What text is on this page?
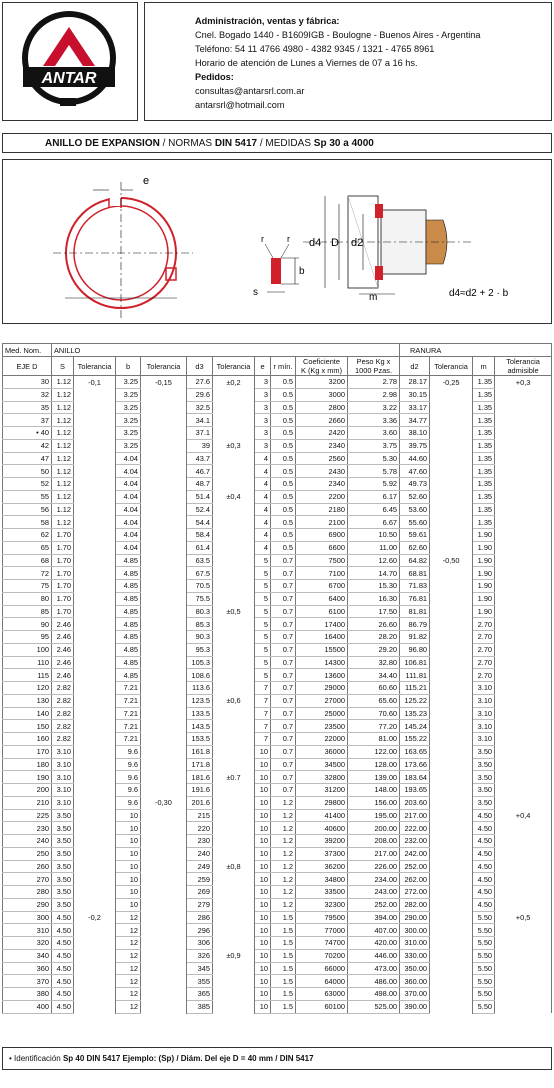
ANTAR
Administración, ventas y fábrica:
Cnel. Bogado 1440 - B1609IGB - Boulogne - Buenos Aires - Argentina
Teléfono: 54 11 4766 4980 - 4382 9345 / 1321 - 4765 8961
Horario de atención de Lunes a Viernes de 07 a 16 hs.
Pedidos:
consultas@antarsrl.com.ar
antarsrl@hotmail.com
ANILLO DE EXPANSION / NORMAS DIN 5417 / MEDIDAS Sp 30 a 4000
e
b
s
r	r d4 D d2
m	d4≈d2 + 2 · b
Med. Nom.	ANILLO										RANURA			
EJE D	S	Tolerancia	b	Tolerancia	d3	Tolerancia	e	r mín.	Coeficiente
K (Kg x mm)	Peso Kg x
1000 Pzas.	d2	Tolerancia	m	Tolerancia
admisible
30	1.12	-0,1	3.25	-0,15	27.6	±0,2	3	0.5	3200	2.78	28.17	-0,25	1.35	+0,3
32	1.12		3.25		29.6		3	0.5	3000	2.98	30.15		1.35	
35	1.12		3.25		32.5		3	0.5	2800	3.22	33.17		1.35	
37	1.12		3.25		34.1		3	0.5	2660	3.36	34.77		1.35	
• 40	1.12		3.25		37.1		3	0.5	2420	3.60	38.10		1.35	
42	1.12		3.25		39	±0,3	3	0.5	2340	3.75	39.75		1.35	
47	1.12		4.04		43.7		4	0.5	2560	5.30	44.60		1.35	
50	1.12		4.04		46.7		4	0.5	2430	5.78	47.60		1.35	
52	1.12		4.04		48.7		4	0.5	2340	5.92	49.73		1.35	
55	1.12		4.04		51.4	±0,4	4	0.5	2200	6.17	52.60		1.35	
56	1.12		4.04		52.4		4	0.5	2180	6.45	53.60		1.35	
58	1.12		4.04		54.4		4	0.5	2100	6.67	55.60		1.35	
62	1.70		4.04		58.4		4	0.5	6900	10.50	59.61		1.90	
65	1.70		4.04		61.4		4	0.5	6600	11.00	62.60		1.90	
68	1.70		4.85		63.5		5	0.7	7500	12.60	64.82	-0,50	1.90	
72	1.70		4.85		67.5		5	0.7	7100	14.70	68.81		1.90	
75	1.70		4.85		70.5		5	0.7	6700	15.30	71.83		1.90	
80	1.70		4.85		75.5		5	0.7	6400	16.30	76.81		1.90	
85	1.70		4.85		80.3	±0,5	5	0.7	6100	17.50	81.81		1.90	
90	2.46		4.85		85.3		5	0.7	17400	26.60	86.79		2.70	
95	2.46		4.85		90.3		5	0.7	16400	28.20	91.82		2.70	
100	2.46		4.85		95.3		5	0.7	15500	29.20	96.80		2.70	
110	2.46		4.85		105.3		5	0.7	14300	32.80	106.81		2.70	
115	2.46		4.85		108.6		5	0.7	13600	34.40	111.81		2.70	
120	2.82		7.21		113.6		7	0.7	29000	60.60	115.21		3.10	
130	2.82		7.21		123.5	±0,6	7	0.7	27000	65.60	125.22		3.10	
140	2.82		7.21		133.5		7	0.7	25000	70.60	135.23		3.10	
150	2.82		7.21		143.5		7	0.7	23500	77.20	145.24		3.10	
160	2.82		7.21		153.5		7	0.7	22000	81.00	155.22		3.10	
170	3.10		9.6		161.8		10	0.7	36000	122.00	163.65		3.50	
180	3.10		9.6		171.8		10	0.7	34500	128.00	173.66		3.50	
190	3.10		9.6		181.6	±0.7	10	0.7	32800	139.00	183.64		3.50	
200	3.10		9.6		191.6		10	0.7	31200	148.00	193.65		3.50	
210	3.10		9.6	-0,30	201.6		10	1.2	29800	156.00	203.60		3.50	
225	3.50		10		215		10	1.2	41400	195.00	217.00		4.50	+0,4
230	3.50		10		220		10	1.2	40600	200.00	222.00		4.50	
240	3.50		10		230		10	1.2	39200	208.00	232.00		4.50	
250	3.50		10		240		10	1.2	37300	217.00	242.00		4.50	
260	3.50		10		249	±0,8	10	1.2	36200	226.00	252.00		4.50	
270	3.50		10		259		10	1.2	34800	234.00	262.00		4.50	
280	3.50		10		269		10	1.2	33500	243.00	272.00		4.50	
290	3.50		10		279		10	1.2	32300	252.00	282.00		4.50	
300	4.50	-0,2	12		286		10	1.5	79500	394.00	290.00		5.50	+0,5
310	4.50		12		296		10	1.5	77000	407.00	300.00		5.50	
320	4.50		12		306		10	1.5	74700	420.00	310.00		5.50	
340	4.50		12		326	±0,9	10	1.5	70200	446.00	330.00		5.50	
360	4.50		12		345		10	1.5	66000	473.00	350.00		5.50	
370	4.50		12		355		10	1.5	64000	486.00	360.00		5.50	
380	4.50		12		365		10	1.5	63000	498.00	370.00		5.50	
400	4.50		12		385		10	1.5	60100	525.00	390.00		5.50	
• Identificación Sp 40 DIN 5417 Ejemplo: (Sp) / Diám. Del eje D = 40 mm / DIN 5417
